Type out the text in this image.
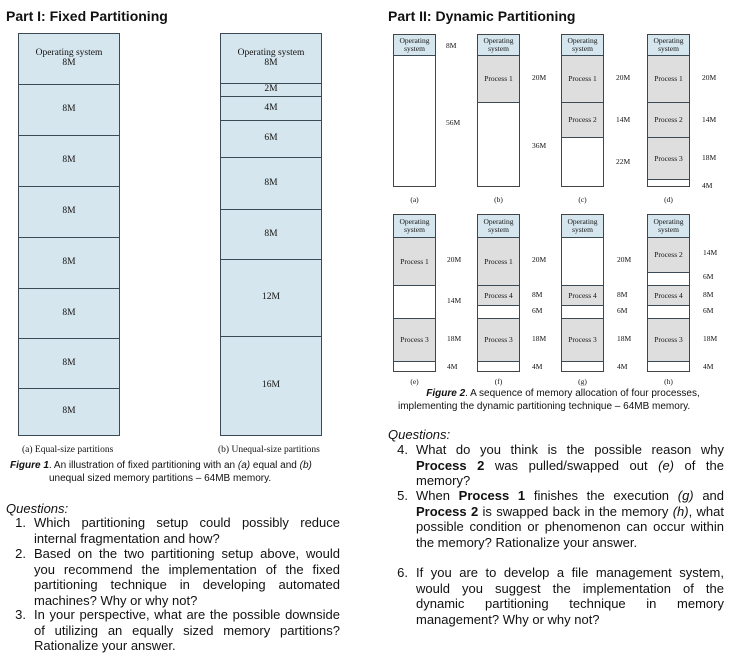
Part I: Fixed Partitioning
Operating system
8M
8M
8M
8M
8M
8M
8M
8M
(a) Equal-size partitions
Operating system
8M
2M
4M
6M
8M
8M
12M
16M
(b) Unequal-size partitions
Figure 1. An illustration of fixed partitioning with an (a) equal and (b)
unequal sized memory partitions – 64MB memory.
Questions:
1. Which partitioning setup could possibly reduce internal fragmentation and how?
2. Based on the two partitioning setup above, would you recommend the implementation of the fixed partitioning technique in developing automated machines? Why or why not?
3. In your perspective, what are the possible downside of utilizing an equally sized memory partitions? Rationalize your answer.
Part II: Dynamic Partitioning
Operating system	8M
56M
(a)
Operating system
Process 1	20M
36M
(b)
Operating system
Process 1
Process 2
20M
14M
22M
(c)
Operating system
Process 1
Process 2
Process 3
20M
14M
18M
4M
(d)
Operating system
Process 1
Process 3
20M
14M
18M
4M
(e)
Operating system
Process 1
Process 4
Process 3
20M
8M
6M
18M
4M
(f)
Operating system
Process 4
Process 3
20M
8M
6M
18M
4M
(g)
Operating system
Process 2
Process 4
Process 3
14M
6M
8M
6M
18M
4M
(h)
Figure 2. A sequence of memory allocation of four processes,
implementing the dynamic partitioning technique – 64MB memory.
Questions:
4. What do you think is the possible reason why Process 2 was pulled/swapped out (e) of the memory?
5. When Process 1 finishes the execution (g) and Process 2 is swapped back in the memory (h), what possible condition or phenomenon can occur within the memory? Rationalize your answer.
6. If you are to develop a file management system, would you suggest the implementation of the dynamic partitioning technique in memory management? Why or why not?
